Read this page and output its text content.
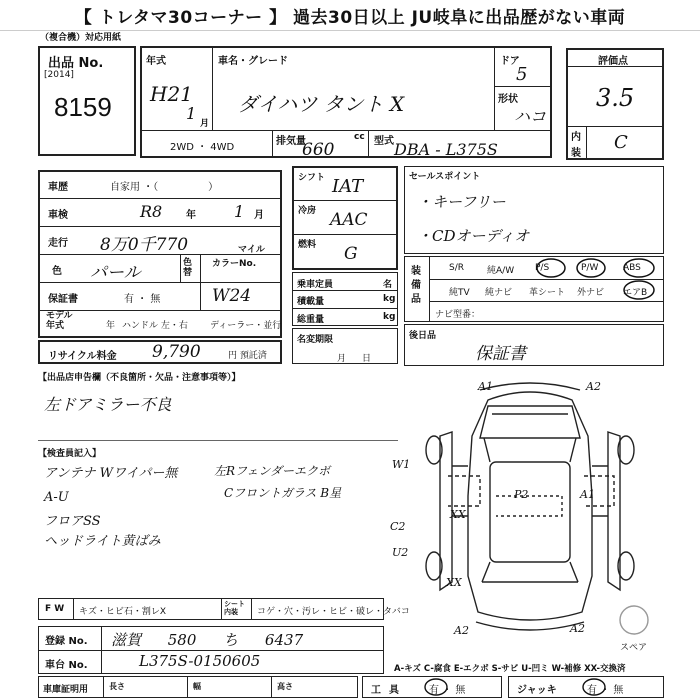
【 トレタマ30コーナー 】 過去30日以上 JU岐阜に出品歴がない車両
（複合機）対応用紙
出品 No.
[2014]
8159
年式
H21
1
月
車名・グレード
ダイハツ タント X
ドア
5
形状
ハコ
2WD ・ 4WD
排気量	cc
660	型式 DBA - L375S
評価点
3.5
内
装
C
車歴	自家用 ・（　　　　　）
車検	R8 年 1 月
走行 8万0千770	マイル
色 パール	色替
カラーNo.
W24
保証書	有 ・ 無
モデル
年式	年 ハンドル 左・右 ディーラー・並行
リサイクル料金 9,790	円 預託済
シフト IAT
冷房 AAC
燃料 G
乗車定員	名
積載量	kg
総重量	kg
名変期限
月日
セールスポイント
・キーフリー
・CDオーディオ
装備品
S/R	純A/W P/S	P/W	ABS
純TV 純ナビ 革シート 外ナビ エアB
ナビ型番：
後日品
保証書
【出品店申告欄（不良箇所・欠品・注意事項等）】
左ドアミラー不良
【検査員記入】
アンテナ Wワイパー無
A-U
フロアSS
ヘッドライト黄ばみ
左Rフェンダーエクボ
Cフロントガラス B星
A1	A2
W1
XX
P2	A1
C2
U2
XX
A2	A2
スペア
F W キズ・ヒビ石・割レX
シート内装	コゲ・穴・汚レ・ヒビ・破レ・タバコ
登録 No. 滋賀 580 ち 6437
車台 No.	L375S-0150605	A-キズ C-腐食 E-エクボ S-サビ U-凹ミ W-補修 XX-交換済
車庫証明用	長さ	幅	高さ	工具 有 ・ 無	ジャッキ	有 ・ 無
